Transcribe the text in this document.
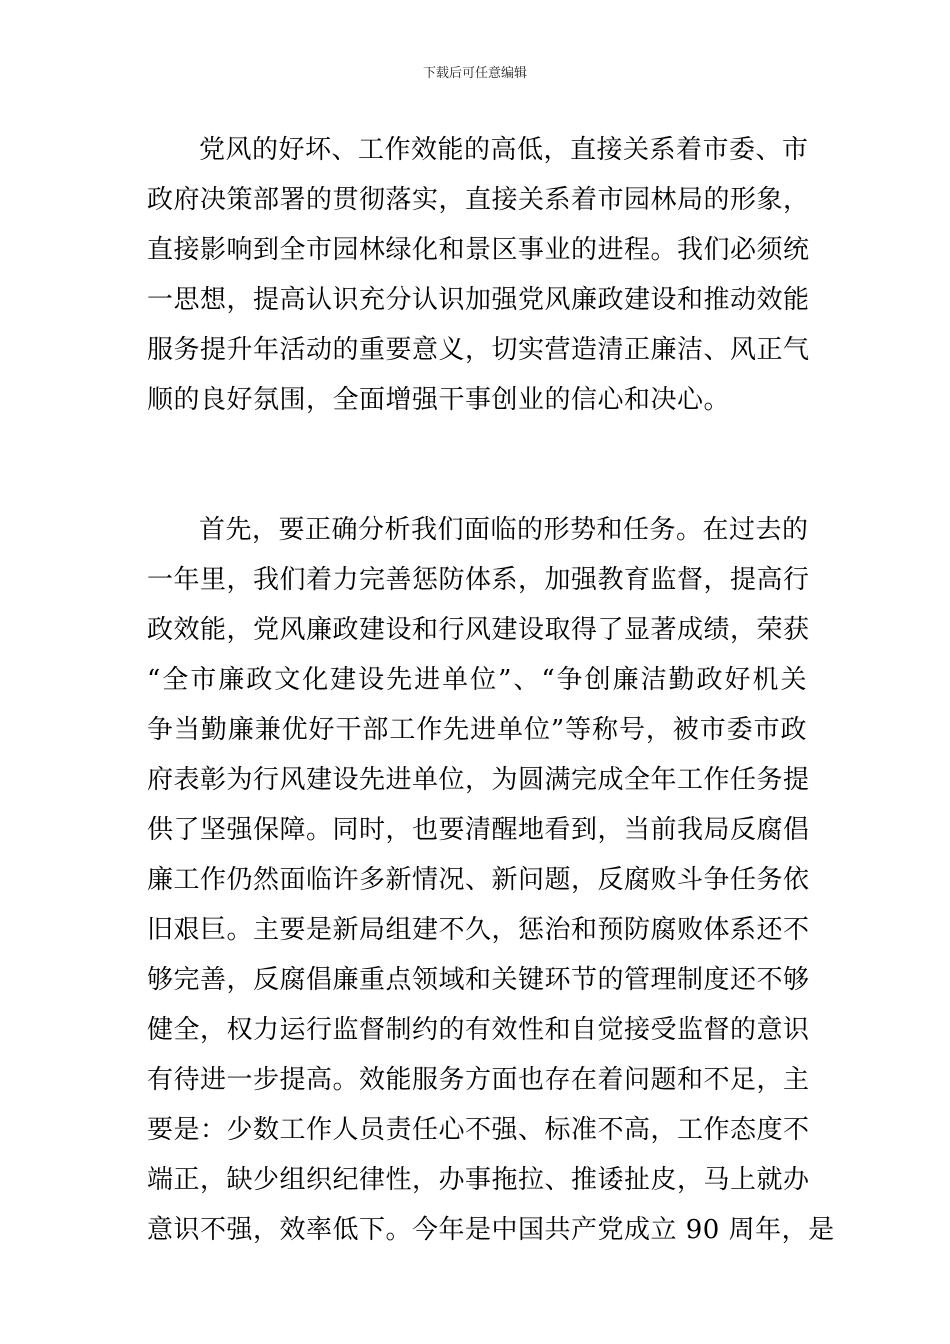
下载后可任意编辑
党风的好坏、工作效能的高低，直接关系着市委、市
政府决策部署的贯彻落实，直接关系着市园林局的形象，
直接影响到全市园林绿化和景区事业的进程。我们必须统
一思想，提高认识充分认识加强党风廉政建设和推动效能
服务提升年活动的重要意义，切实营造清正廉洁、风正气
顺的良好氛围，全面增强干事创业的信心和决心。
首先，要正确分析我们面临的形势和任务。在过去的
一年里，我们着力完善惩防体系，加强教育监督，提高行
政效能，党风廉政建设和行风建设取得了显著成绩，荣获
“全市廉政文化建设先进单位”、“争创廉洁勤政好机关
争当勤廉兼优好干部工作先进单位”等称号，被市委市政
府表彰为行风建设先进单位，为圆满完成全年工作任务提
供了坚强保障。同时，也要清醒地看到，当前我局反腐倡
廉工作仍然面临许多新情况、新问题，反腐败斗争任务依
旧艰巨。主要是新局组建不久，惩治和预防腐败体系还不
够完善，反腐倡廉重点领域和关键环节的管理制度还不够
健全，权力运行监督制约的有效性和自觉接受监督的意识
有待进一步提高。效能服务方面也存在着问题和不足，主
要是：少数工作人员责任心不强、标准不高，工作态度不
端正，缺少组织纪律性，办事拖拉、推诿扯皮，马上就办
意识不强，效率低下。今年是中国共产党成立 90 周年，是
